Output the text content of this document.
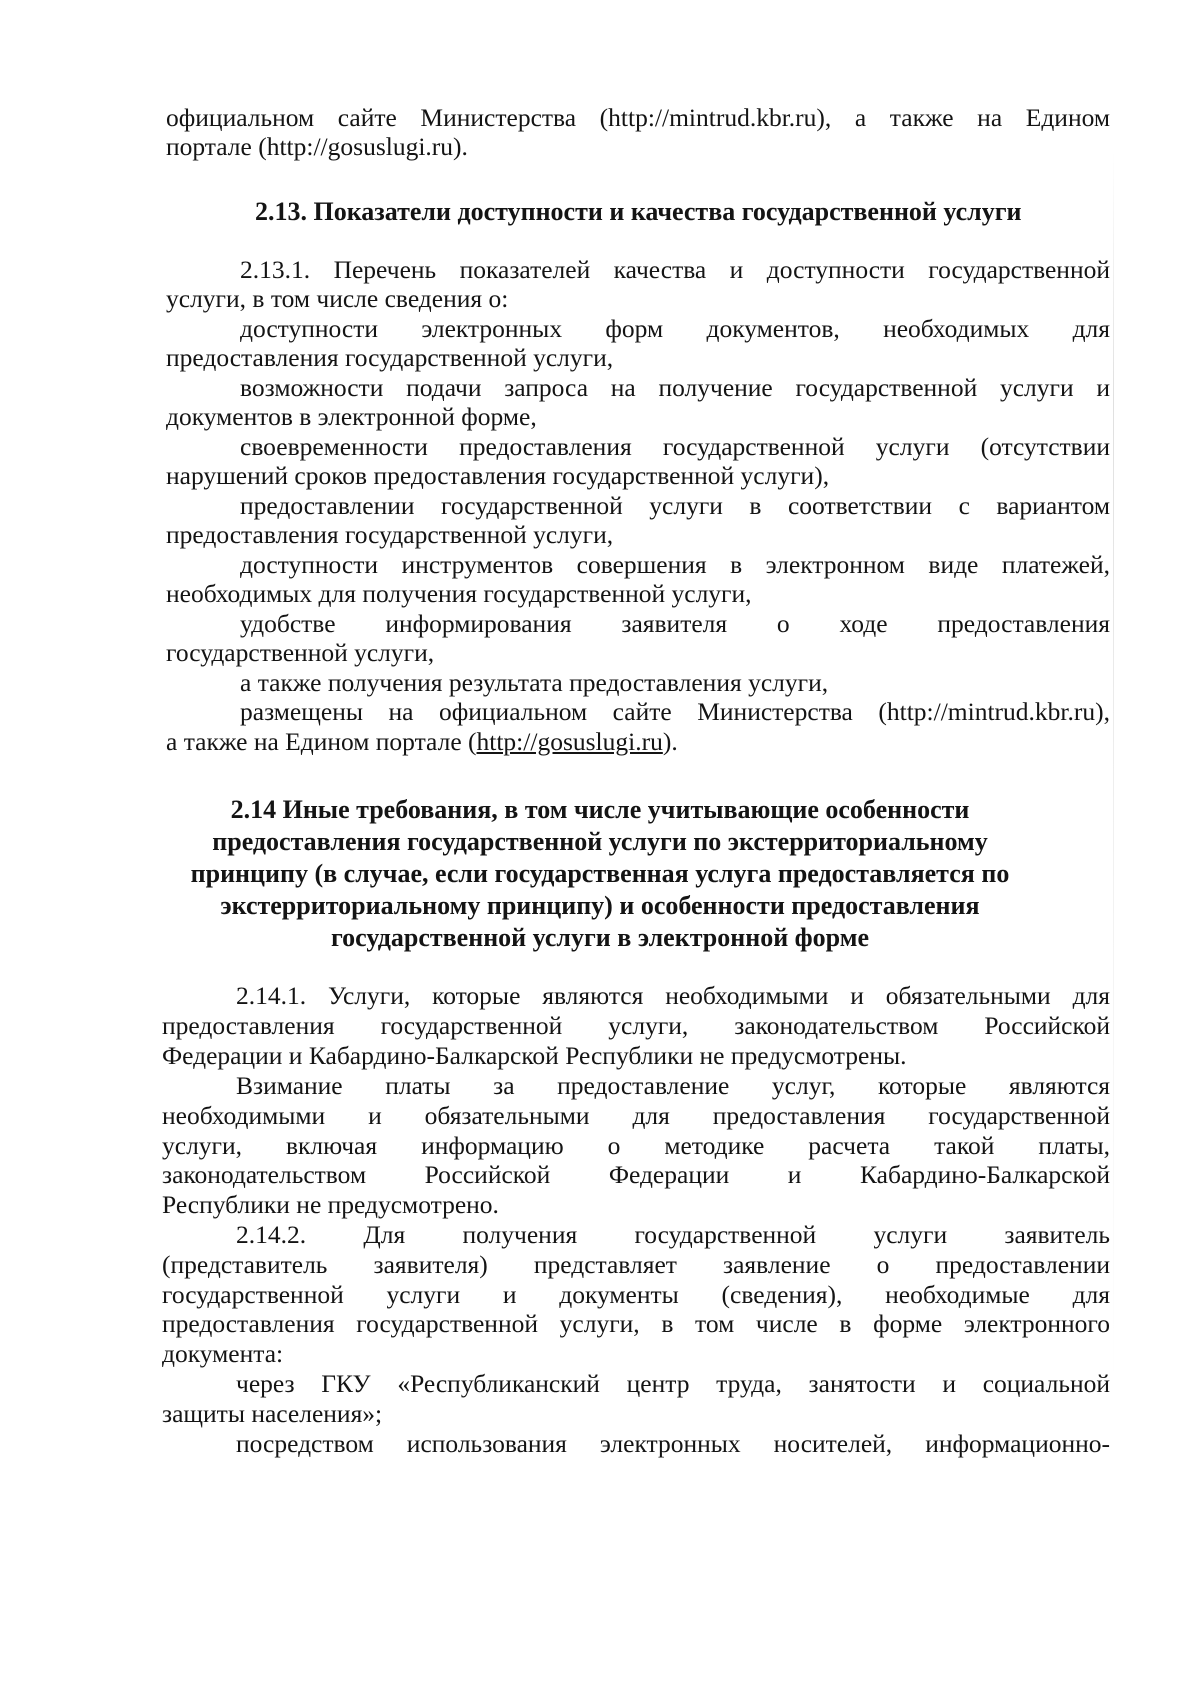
официальном сайте Министерства (http://mintrud.kbr.ru), а также на Едином

портале (http://gosuslugi.ru).

2.13. Показатели доступности и качества государственной услуги

2.13.1. Перечень показателей качества и доступности государственной

услуги, в том числе сведения о:

доступности электронных форм документов, необходимых для

предоставления государственной услуги,

возможности подачи запроса на получение государственной услуги и

документов в электронной форме,

своевременности предоставления государственной услуги (отсутствии

нарушений сроков предоставления государственной услуги),

предоставлении государственной услуги в соответствии с вариантом

предоставления государственной услуги,

доступности инструментов совершения в электронном виде платежей,

необходимых для получения государственной услуги,

удобстве информирования заявителя о ходе предоставления

государственной услуги,

а также получения результата предоставления услуги,

размещены на официальном сайте Министерства (http://mintrud.kbr.ru),

а также на Едином портале (http://gosuslugi.ru).

2.14 Иные требования, в том числе учитывающие особенности

предоставления государственной услуги по экстерриториальному

принципу (в случае, если государственная услуга предоставляется по

экстерриториальному принципу) и особенности предоставления

государственной услуги в электронной форме

2.14.1. Услуги, которые являются необходимыми и обязательными для

предоставления государственной услуги, законодательством Российской

Федерации и Кабардино-Балкарской Республики не предусмотрены.

Взимание платы за предоставление услуг, которые являются

необходимыми и обязательными для предоставления государственной

услуги, включая информацию о методике расчета такой платы,

законодательством Российской Федерации и Кабардино-Балкарской

Республики не предусмотрено.

2.14.2. Для получения государственной услуги заявитель

(представитель заявителя) представляет заявление о предоставлении

государственной услуги и документы (сведения), необходимые для

предоставления государственной услуги, в том числе в форме электронного

документа:

через ГКУ «Республиканский центр труда, занятости и социальной

защиты населения»;

посредством использования электронных носителей, информационно-
